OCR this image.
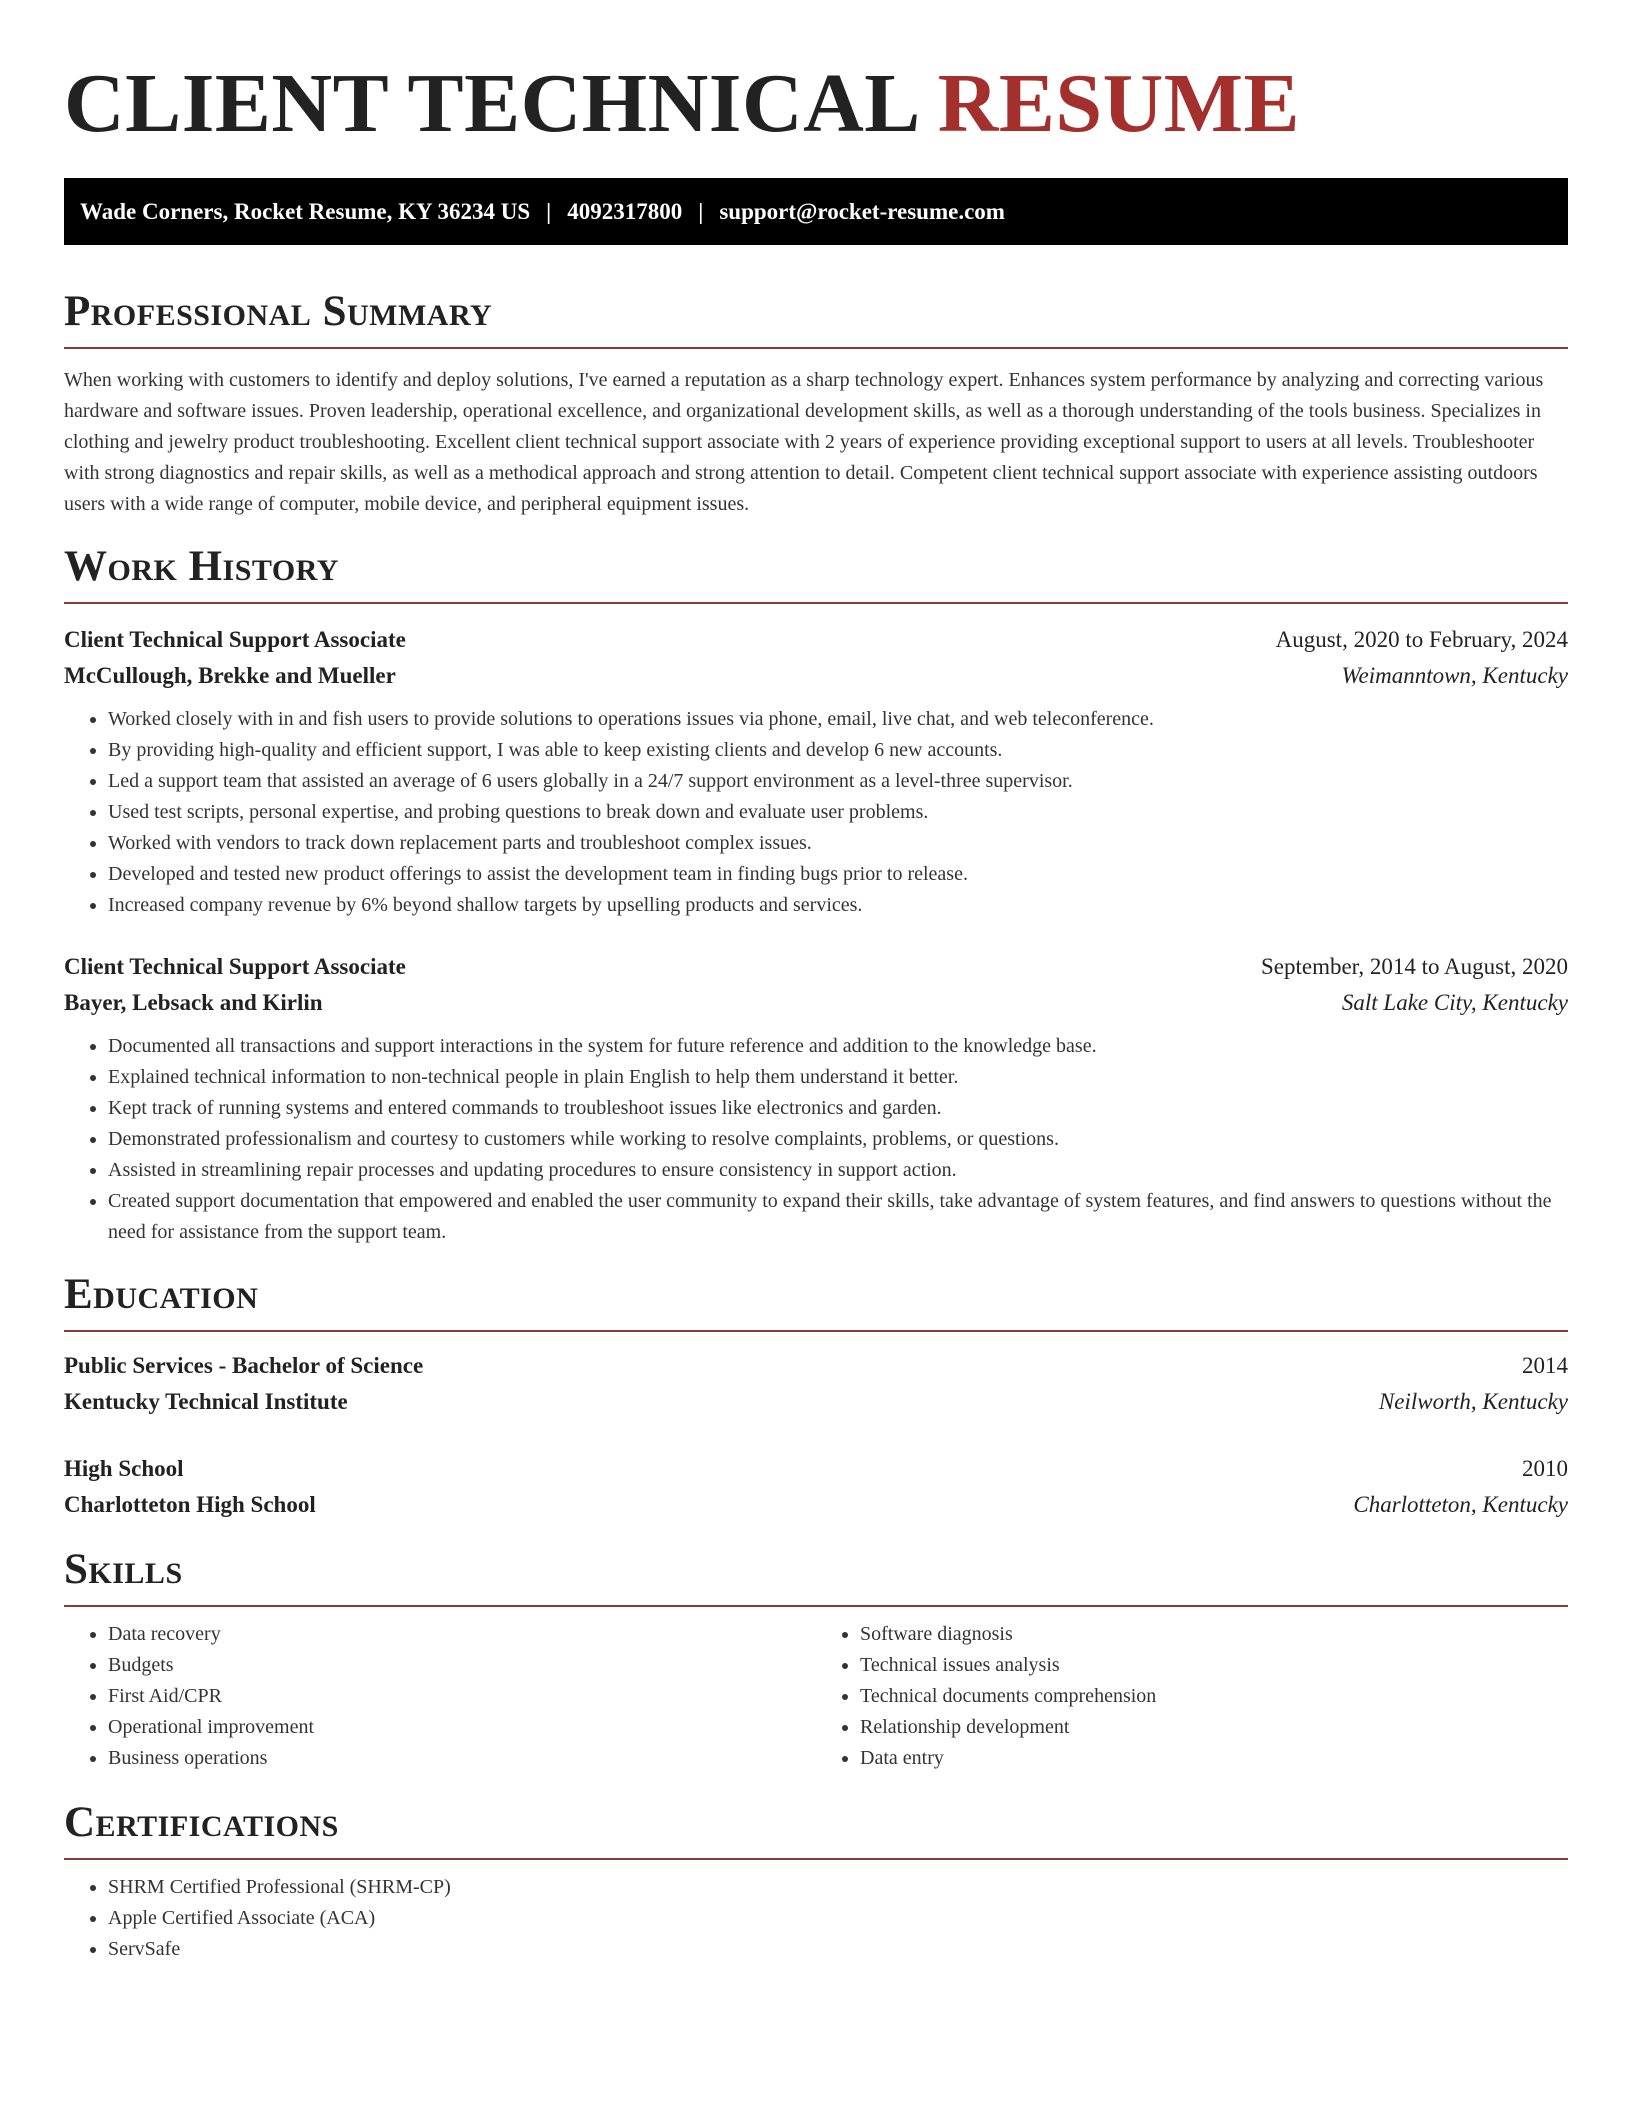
CLIENT TECHNICAL RESUME
Wade Corners, Rocket Resume, KY 36234 US | 4092317800 | support@rocket-resume.com
Professional Summary

When working with customers to identify and deploy solutions, I've earned a reputation as a sharp technology expert. Enhances system performance by analyzing and correcting various hardware and software issues. Proven leadership, operational excellence, and organizational development skills, as well as a thorough understanding of the tools business. Specializes in clothing and jewelry product troubleshooting. Excellent client technical support associate with 2 years of experience providing exceptional support to users at all levels. Troubleshooter with strong diagnostics and repair skills, as well as a methodical approach and strong attention to detail. Competent client technical support associate with experience assisting outdoors users with a wide range of computer, mobile device, and peripheral equipment issues.

Work History
Client Technical Support Associate	August, 2020 to February, 2024
McCullough, Brekke and Mueller	Weimanntown, Kentucky
• Worked closely with in and fish users to provide solutions to operations issues via phone, email, live chat, and web teleconference.
• By providing high-quality and efficient support, I was able to keep existing clients and develop 6 new accounts.
• Led a support team that assisted an average of 6 users globally in a 24/7 support environment as a level-three supervisor.
• Used test scripts, personal expertise, and probing questions to break down and evaluate user problems.
• Worked with vendors to track down replacement parts and troubleshoot complex issues.
• Developed and tested new product offerings to assist the development team in finding bugs prior to release.
• Increased company revenue by 6% beyond shallow targets by upselling products and services.
Client Technical Support Associate	September, 2014 to August, 2020
Bayer, Lebsack and Kirlin	Salt Lake City, Kentucky
• Documented all transactions and support interactions in the system for future reference and addition to the knowledge base.
• Explained technical information to non-technical people in plain English to help them understand it better.
• Kept track of running systems and entered commands to troubleshoot issues like electronics and garden.
• Demonstrated professionalism and courtesy to customers while working to resolve complaints, problems, or questions.
• Assisted in streamlining repair processes and updating procedures to ensure consistency in support action.
• Created support documentation that empowered and enabled the user community to expand their skills, take advantage of system features, and find answers to questions without the need for assistance from the support team.
Education
Public Services - Bachelor of Science	2014
Kentucky Technical Institute	Neilworth, Kentucky
High School	2010
Charlotteton High School	Charlotteton, Kentucky
Skills
• Data recovery
• Budgets
• First Aid/CPR
• Operational improvement
• Business operations
• Software diagnosis
• Technical issues analysis
• Technical documents comprehension
• Relationship development
• Data entry
Certifications
• SHRM Certified Professional (SHRM-CP)
• Apple Certified Associate (ACA)
• ServSafe
